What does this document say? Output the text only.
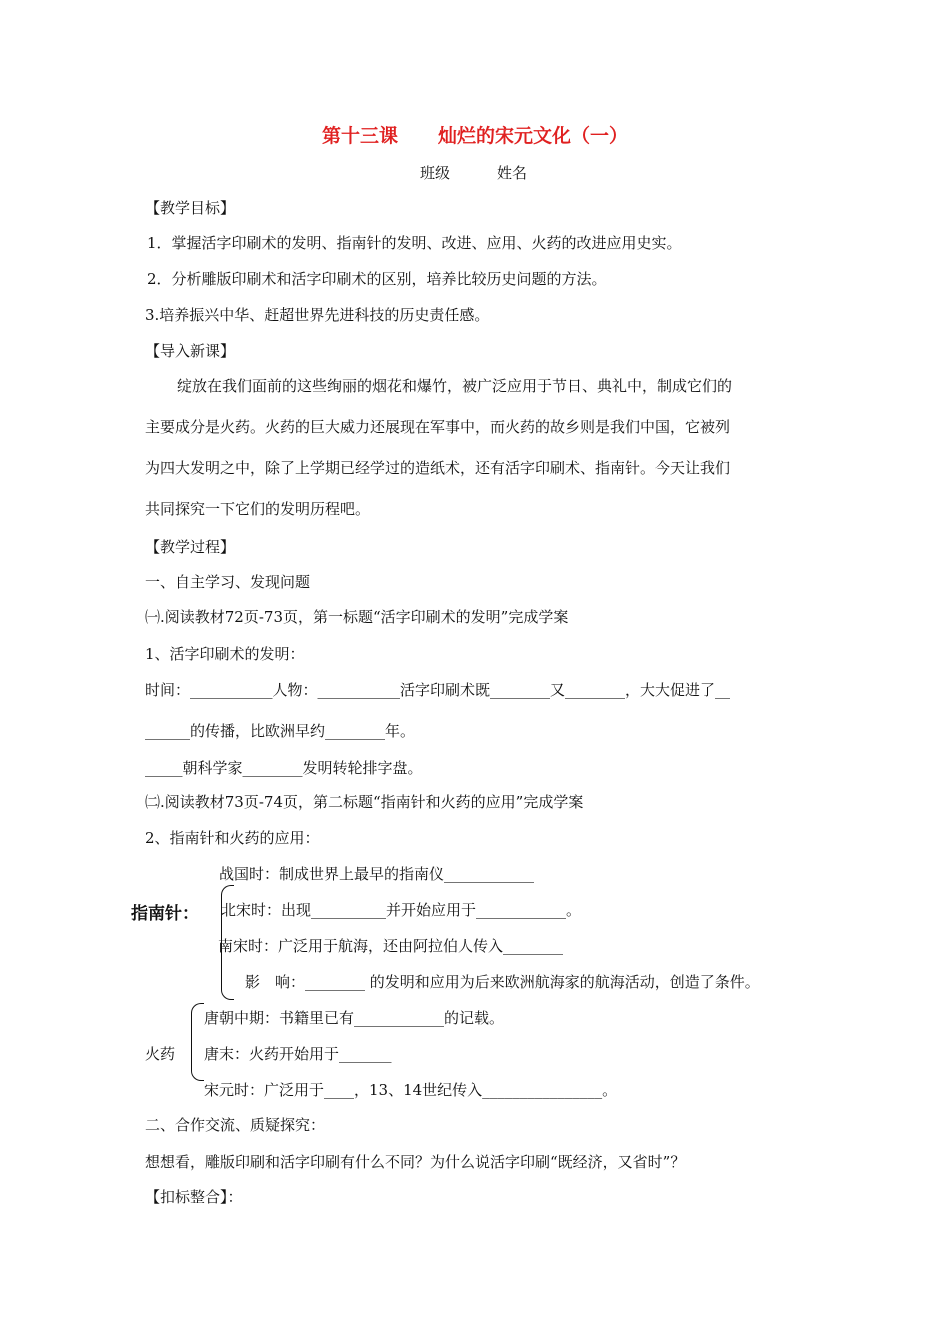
第十三课 灿烂的宋元文化（一）
班级	姓名
【教学目标】
1．掌握活字印刷术的发明、指南针的发明、改进、应用、火药的改进应用史实。
2．分析雕版印刷术和活字印刷术的区别，培养比较历史问题的方法。
3.培养振兴中华、赶超世界先进科技的历史责任感。
【导入新课】
绽放在我们面前的这些绚丽的烟花和爆竹，被广泛应用于节日、典礼中，制成它们的
主要成分是火药。火药的巨大威力还展现在军事中，而火药的故乡则是我们中国，它被列
为四大发明之中，除了上学期已经学过的造纸术，还有活字印刷术、指南针。今天让我们
共同探究一下它们的发明历程吧。
【教学过程】
一、自主学习、发现问题
㈠.阅读教材72页-73页，第一标题“活字印刷术的发明”完成学案
1、活字印刷术的发明：
时间：___________人物：___________活字印刷术既________又________，大大促进了__
______的传播，比欧洲早约________年。
_____朝科学家________发明转轮排字盘。
㈡.阅读教材73页-74页，第二标题“指南针和火药的应用”完成学案
2、指南针和火药的应用：
战国时：制成世界上最早的指南仪____________
指南针： 北宋时：出现__________并开始应用于____________。
南宋时：广泛用于航海，还由阿拉伯人传入________
影　响：________ 的发明和应用为后来欧洲航海家的航海活动，创造了条件。
唐朝中期：书籍里已有____________的记载。
火药 唐末：火药开始用于_______
宋元时：广泛用于____，13、14世纪传入________________。
二、合作交流、质疑探究：
想想看，雕版印刷和活字印刷有什么不同？为什么说活字印刷“既经济，又省时”？
【扣标整合】：
